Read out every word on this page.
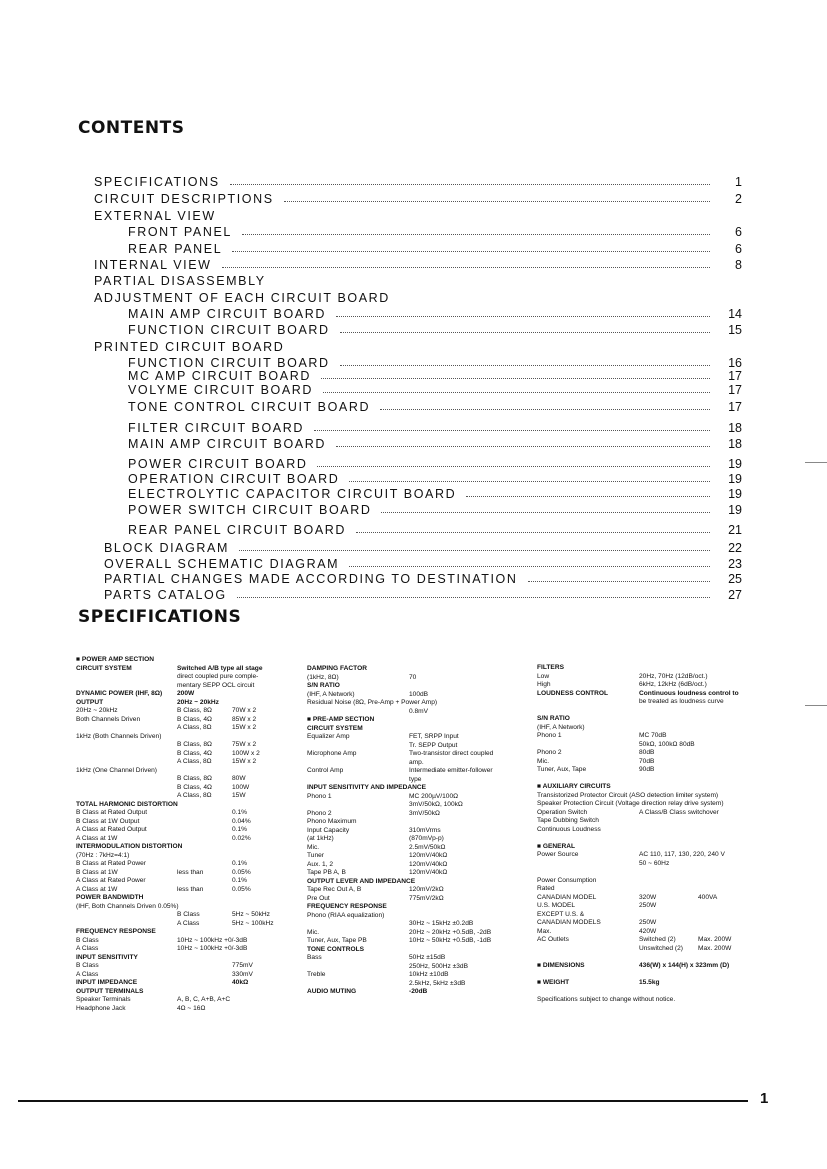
CONTENTS
SPECIFICATIONS	1
CIRCUIT DESCRIPTIONS	2
EXTERNAL VIEW
FRONT PANEL	6
REAR PANEL	6
INTERNAL VIEW	8
PARTIAL DISASSEMBLY
ADJUSTMENT OF EACH CIRCUIT BOARD
MAIN AMP CIRCUIT BOARD	14
FUNCTION CIRCUIT BOARD	15
PRINTED CIRCUIT BOARD
FUNCTION CIRCUIT BOARD	16
MC AMP CIRCUIT BOARD	17
VOLYME CIRCUIT BOARD	17
TONE CONTROL CIRCUIT BOARD	17
FILTER CIRCUIT BOARD	18
MAIN AMP CIRCUIT BOARD	18
POWER CIRCUIT BOARD	19
OPERATION CIRCUIT BOARD	19
ELECTROLYTIC CAPACITOR CIRCUIT BOARD	19
POWER SWITCH CIRCUIT BOARD	19
REAR PANEL CIRCUIT BOARD	21
BLOCK DIAGRAM	22
OVERALL SCHEMATIC DIAGRAM	23
PARTIAL CHANGES MADE ACCORDING TO DESTINATION	25
PARTS CATALOG	27
SPECIFICATIONS
■ POWER AMP SECTION
CIRCUIT SYSTEM	Switched A/B type all stage
direct coupled pure comple-
mentary SEPP OCL circuit
DYNAMIC POWER (IHF, 8Ω) 200W
OUTPUT	20Hz ~ 20kHz
20Hz ~ 20kHz	B Class, 8Ω	70W x 2
Both Channels Driven	B Class, 4Ω	85W x 2
A Class, 8Ω	15W x 2
1kHz (Both Channels Driven)
B Class, 8Ω	75W x 2
B Class, 4Ω	100W x 2
A Class, 8Ω	15W x 2
1kHz (One Channel Driven)
B Class, 8Ω	80W
B Class, 4Ω	100W
A Class, 8Ω	15W
TOTAL HARMONIC DISTORTION
B Class at Rated Output	0.1%
B Class at 1W Output	0.04%
A Class at Rated Output	0.1%
A Class at 1W	0.02%
INTERMODULATION DISTORTION
(70Hz : 7kHz=4:1)
B Class at Rated Power	0.1%
B Class at 1W	less than	0.05%
A Class at Rated Power	0.1%
A Class at 1W	less than	0.05%
POWER BANDWIDTH
(IHF, Both Channels Driven 0.05%)
B Class	5Hz ~ 50kHz
A Class	5Hz ~ 100kHz
FREQUENCY RESPONSE
B Class	10Hz ~ 100kHz +0/-3dB
A Class	10Hz ~ 100kHz +0/-3dB
INPUT SENSITIVITY
B Class	775mV
A Class	330mV
INPUT IMPEDANCE	40kΩ
OUTPUT TERMINALS
Speaker Terminals	A, B, C, A+B, A+C
Headphone Jack	4Ω ~ 16Ω
DAMPING FACTOR
(1kHz, 8Ω)	70
S/N RATIO
(IHF, A Network)	100dB
Residual Noise (8Ω, Pre-Amp + Power Amp)
0.8mV
■ PRE-AMP SECTION
CIRCUIT SYSTEM
Equalizer Amp	FET, SRPP Input
Tr. SEPP Output
Microphone Amp	Two-transistor direct coupled
amp.
Control Amp	Intermediate emitter-follower
type
INPUT SENSITIVITY AND IMPEDANCE
Phono 1	MC 200µV/100Ω
3mV/50kΩ, 100kΩ
Phono 2	3mV/50kΩ
Phono Maximum
Input Capacity	310mVrms
(at 1kHz)	(870mVp-p)
Mic.	2.5mV/50kΩ
Tuner	120mV/40kΩ
Aux. 1, 2	120mV/40kΩ
Tape PB A, B	120mV/40kΩ
OUTPUT LEVER AND IMPEDANCE
Tape Rec Out A, B	120mV/2kΩ
Pre Out	775mV/2kΩ
FREQUENCY RESPONSE
Phono (RIAA equalization)
30Hz ~ 15kHz ±0.2dB
Mic.	20Hz ~ 20kHz +0.5dB, -2dB
Tuner, Aux, Tape PB	10Hz ~ 50kHz +0.5dB, -1dB
TONE CONTROLS
Bass	50Hz ±15dB
250Hz, 500Hz ±3dB
Treble	10kHz ±10dB
2.5kHz, 5kHz ±3dB
AUDIO MUTING	-20dB
FILTERS
Low	20Hz, 70Hz (12dB/oct.)
High	6kHz, 12kHz (6dB/oct.)
LOUDNESS CONTROL	Continuous loudness control to
be treated as loudness curve
S/N RATIO
(IHF, A Network)
Phono 1	MC 70dB
50kΩ, 100kΩ 80dB
Phono 2	80dB
Mic.	70dB
Tuner, Aux, Tape	90dB
■ AUXILIARY CIRCUITS
Transistorized Protector Circuit (ASO detection limiter system)
Speaker Protection Circuit (Voltage direction relay drive system)
Operation Switch	A Class/B Class switchover
Tape Dubbing Switch
Continuous Loudness
■ GENERAL
Power Source	AC 110, 117, 130, 220, 240 V
50 ~ 60Hz
Power Consumption
Rated
CANADIAN MODEL	320W	400VA
U.S. MODEL	250W
EXCEPT U.S. &
CANADIAN MODELS	250W
Max.	420W
AC Outlets	Switched (2)	Max. 200W
Unswitched (2) Max. 200W
■ DIMENSIONS	436(W) x 144(H) x 323mm (D)
■ WEIGHT	15.5kg
Specifications subject to change without notice.
1
